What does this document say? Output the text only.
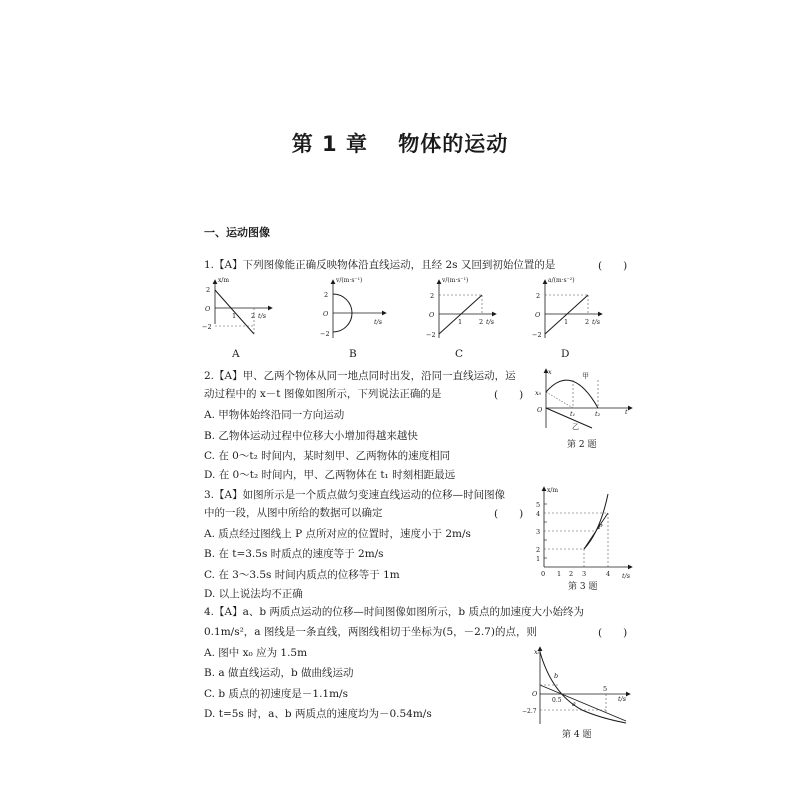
第 1 章　 物体的运动
一、运动图像
1.【A】下列图像能正确反映物体沿直线运动，且经 2s 又回到初始位置的是	(　　)
x/m
2
O
−2
1 2 t/s
A
v/(m·s⁻¹)
2
O
−2
t/s
B
v/(m·s⁻¹)
2
O
−2
1	2 t/s
C
a/(m·s⁻²)
2
O
−2
1	2 t/s
D
2.【A】甲、乙两个物体从同一地点同时出发，沿同一直线运动，运
动过程中的 x－t 图像如图所示，下列说法正确的是	(　　)
A. 甲物体始终沿同一方向运动
B. 乙物体运动过程中位移大小增加得越来越快
C. 在 0～t₂ 时间内，某时刻甲、乙两物体的速度相同
D. 在 0～t₂ 时间内，甲、乙两物体在 t₁ 时刻相距最远
x
x₀
O
甲
t₁	t₂	t
乙
第 2 题
3.【A】如图所示是一个质点做匀变速直线运动的位移—时间图像
中的一段，从图中所给的数据可以确定	(　　)
A. 质点经过图线上 P 点所对应的位置时，速度小于 2m/s
B. 在 t=3.5s 时质点的速度等于 2m/s
C. 在 3～3.5s 时间内质点的位移等于 1m
D. 以上说法均不正确
x/m
5
4
3
2
1
0 1 2 3	4 t/s
P
第 3 题
4.【A】a、b 两质点运动的位移—时间图像如图所示，b 质点的加速度大小始终为
0.1m/s²，a 图线是一条直线，两图线相切于坐标为(5，－2.7)的点，则	(　　)
A. 图中 x₀ 应为 1.5m
B. a 做直线运动，b 做曲线运动
C. b 质点的初速度是－1.1m/s
D. t=5s 时，a、b 两质点的速度均为－0.54m/s
x₀
b
O
0.5 a
5
t/s
−2.7
第 4 题
